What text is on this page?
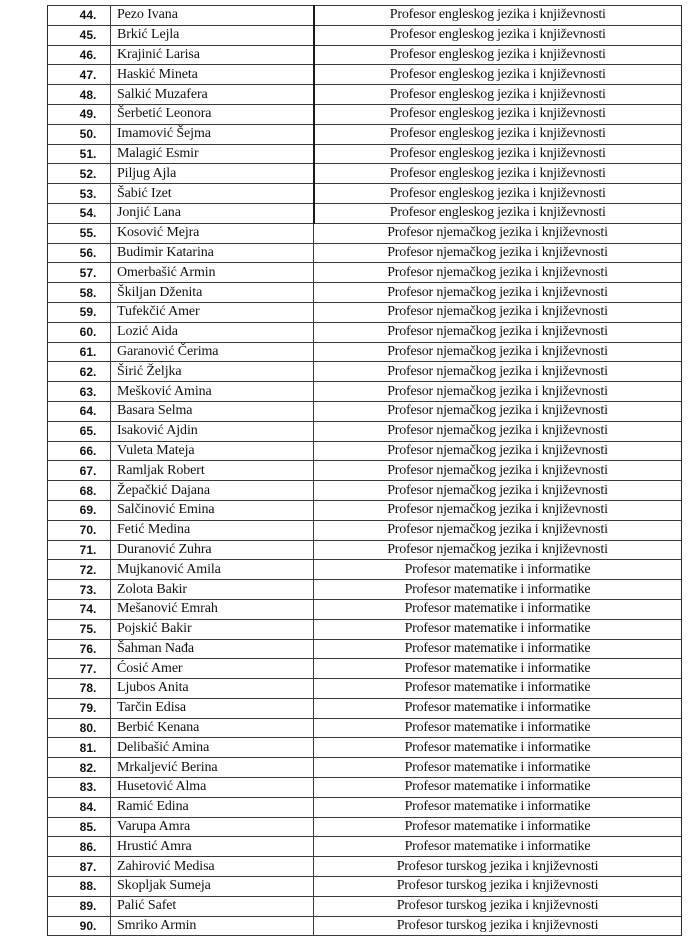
44.	Pezo Ivana	Profesor engleskog jezika i književnosti
45.	Brkić Lejla	Profesor engleskog jezika i književnosti
46.	Krajinić Larisa	Profesor engleskog jezika i književnosti
47.	Haskić Mineta	Profesor engleskog jezika i književnosti
48.	Salkić Muzafera	Profesor engleskog jezika i književnosti
49.	Šerbetić Leonora	Profesor engleskog jezika i književnosti
50.	Imamović Šejma	Profesor engleskog jezika i književnosti
51.	Malagić Esmir	Profesor engleskog jezika i književnosti
52.	Piljug Ajla	Profesor engleskog jezika i književnosti
53.	Šabić Izet	Profesor engleskog jezika i književnosti
54.	Jonjić Lana	Profesor engleskog jezika i književnosti
55.	Kosović Mejra	Profesor njemačkog jezika i književnosti
56.	Budimir Katarina	Profesor njemačkog jezika i književnosti
57.	Omerbašić Armin	Profesor njemačkog jezika i književnosti
58.	Škiljan Dženita	Profesor njemačkog jezika i književnosti
59.	Tufekčić Amer	Profesor njemačkog jezika i književnosti
60.	Lozić Aida	Profesor njemačkog jezika i književnosti
61.	Garanović Čerima	Profesor njemačkog jezika i književnosti
62.	Širić Željka	Profesor njemačkog jezika i književnosti
63.	Mešković Amina	Profesor njemačkog jezika i književnosti
64.	Basara Selma	Profesor njemačkog jezika i književnosti
65.	Isaković Ajdin	Profesor njemačkog jezika i književnosti
66.	Vuleta Mateja	Profesor njemačkog jezika i književnosti
67.	Ramljak Robert	Profesor njemačkog jezika i književnosti
68.	Žepačkić Dajana	Profesor njemačkog jezika i književnosti
69.	Salčinović Emina	Profesor njemačkog jezika i književnosti
70.	Fetić Medina	Profesor njemačkog jezika i književnosti
71.	Duranović Zuhra	Profesor njemačkog jezika i književnosti
72.	Mujkanović Amila	Profesor matematike i informatike
73.	Zolota Bakir	Profesor matematike i informatike
74.	Mešanović Emrah	Profesor matematike i informatike
75.	Pojskić Bakir	Profesor matematike i informatike
76.	Šahman Nađa	Profesor matematike i informatike
77.	Ćosić Amer	Profesor matematike i informatike
78.	Ljubos Anita	Profesor matematike i informatike
79.	Tarčin Edisa	Profesor matematike i informatike
80.	Berbić Kenana	Profesor matematike i informatike
81.	Delibašić Amina	Profesor matematike i informatike
82.	Mrkaljević Berina	Profesor matematike i informatike
83.	Husetović Alma	Profesor matematike i informatike
84.	Ramić Edina	Profesor matematike i informatike
85.	Varupa Amra	Profesor matematike i informatike
86.	Hrustić Amra	Profesor matematike i informatike
87.	Zahirović Medisa	Profesor turskog jezika i književnosti
88.	Skopljak Sumeja	Profesor turskog jezika i književnosti
89.	Palić Safet	Profesor turskog jezika i književnosti
90.	Smriko Armin	Profesor turskog jezika i književnosti
